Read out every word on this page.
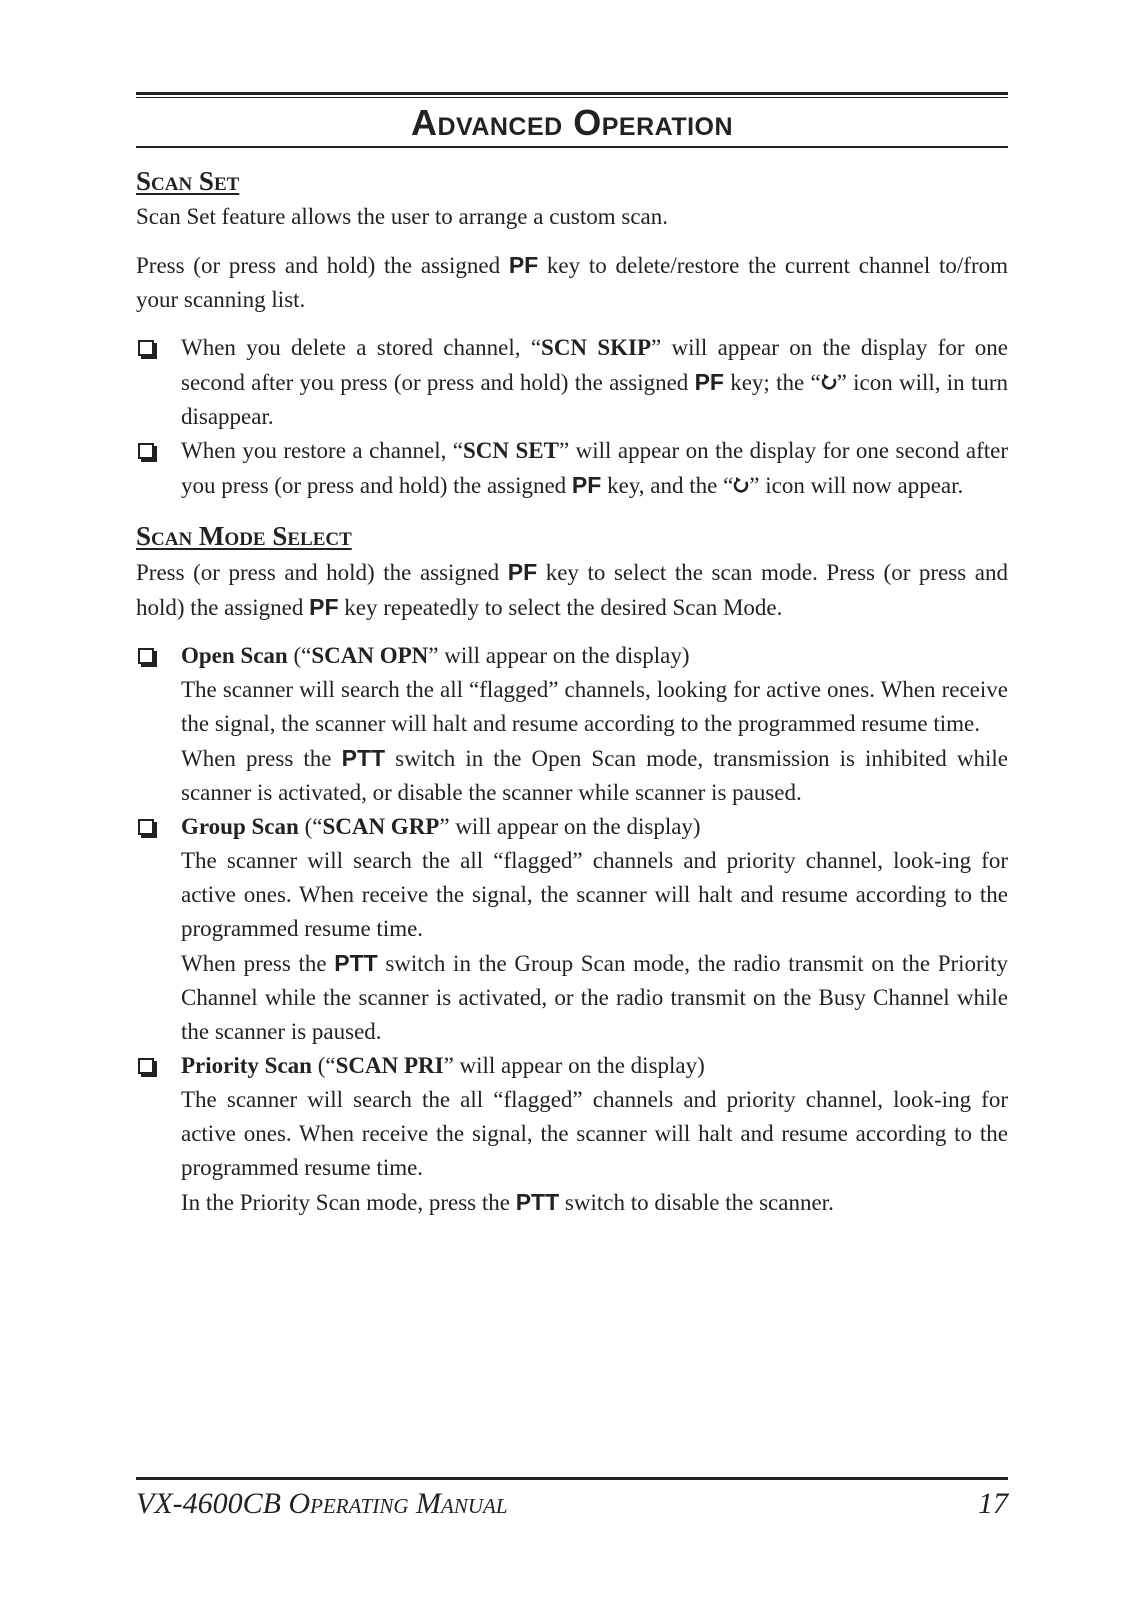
Advanced Operation
Scan Set

Scan Set feature allows the user to arrange a custom scan.

Press (or press and hold) the assigned PF key to delete/restore the current channel to/from your scanning list.

When you delete a stored channel, “SCN SKIP” will appear on the display for one second after you press (or press and hold) the assigned PF key; the “ ” icon will, in turn disappear.
When you restore a channel, “SCN SET” will appear on the display for one second after you press (or press and hold) the assigned PF key, and the “ ” icon will now appear.
Scan Mode Select

Press (or press and hold) the assigned PF key to select the scan mode. Press (or press and hold) the assigned PF key repeatedly to select the desired Scan Mode.

Open Scan (“SCAN OPN” will appear on the display)
The scanner will search the all “flagged” channels, looking for active ones. When receive the signal, the scanner will halt and resume according to the programmed resume time.
When press the PTT switch in the Open Scan mode, transmission is inhibited while scanner is activated, or disable the scanner while scanner is paused.
Group Scan (“SCAN GRP” will appear on the display)
The scanner will search the all “flagged” channels and priority channel, look-ing for active ones. When receive the signal, the scanner will halt and resume according to the programmed resume time.
When press the PTT switch in the Group Scan mode, the radio transmit on the Priority Channel while the scanner is activated, or the radio transmit on the Busy Channel while the scanner is paused.
Priority Scan (“SCAN PRI” will appear on the display)
The scanner will search the all “flagged” channels and priority channel, look-ing for active ones. When receive the signal, the scanner will halt and resume according to the programmed resume time.
In the Priority Scan mode, press the PTT switch to disable the scanner.
VX-4600CB Operating Manual	17
